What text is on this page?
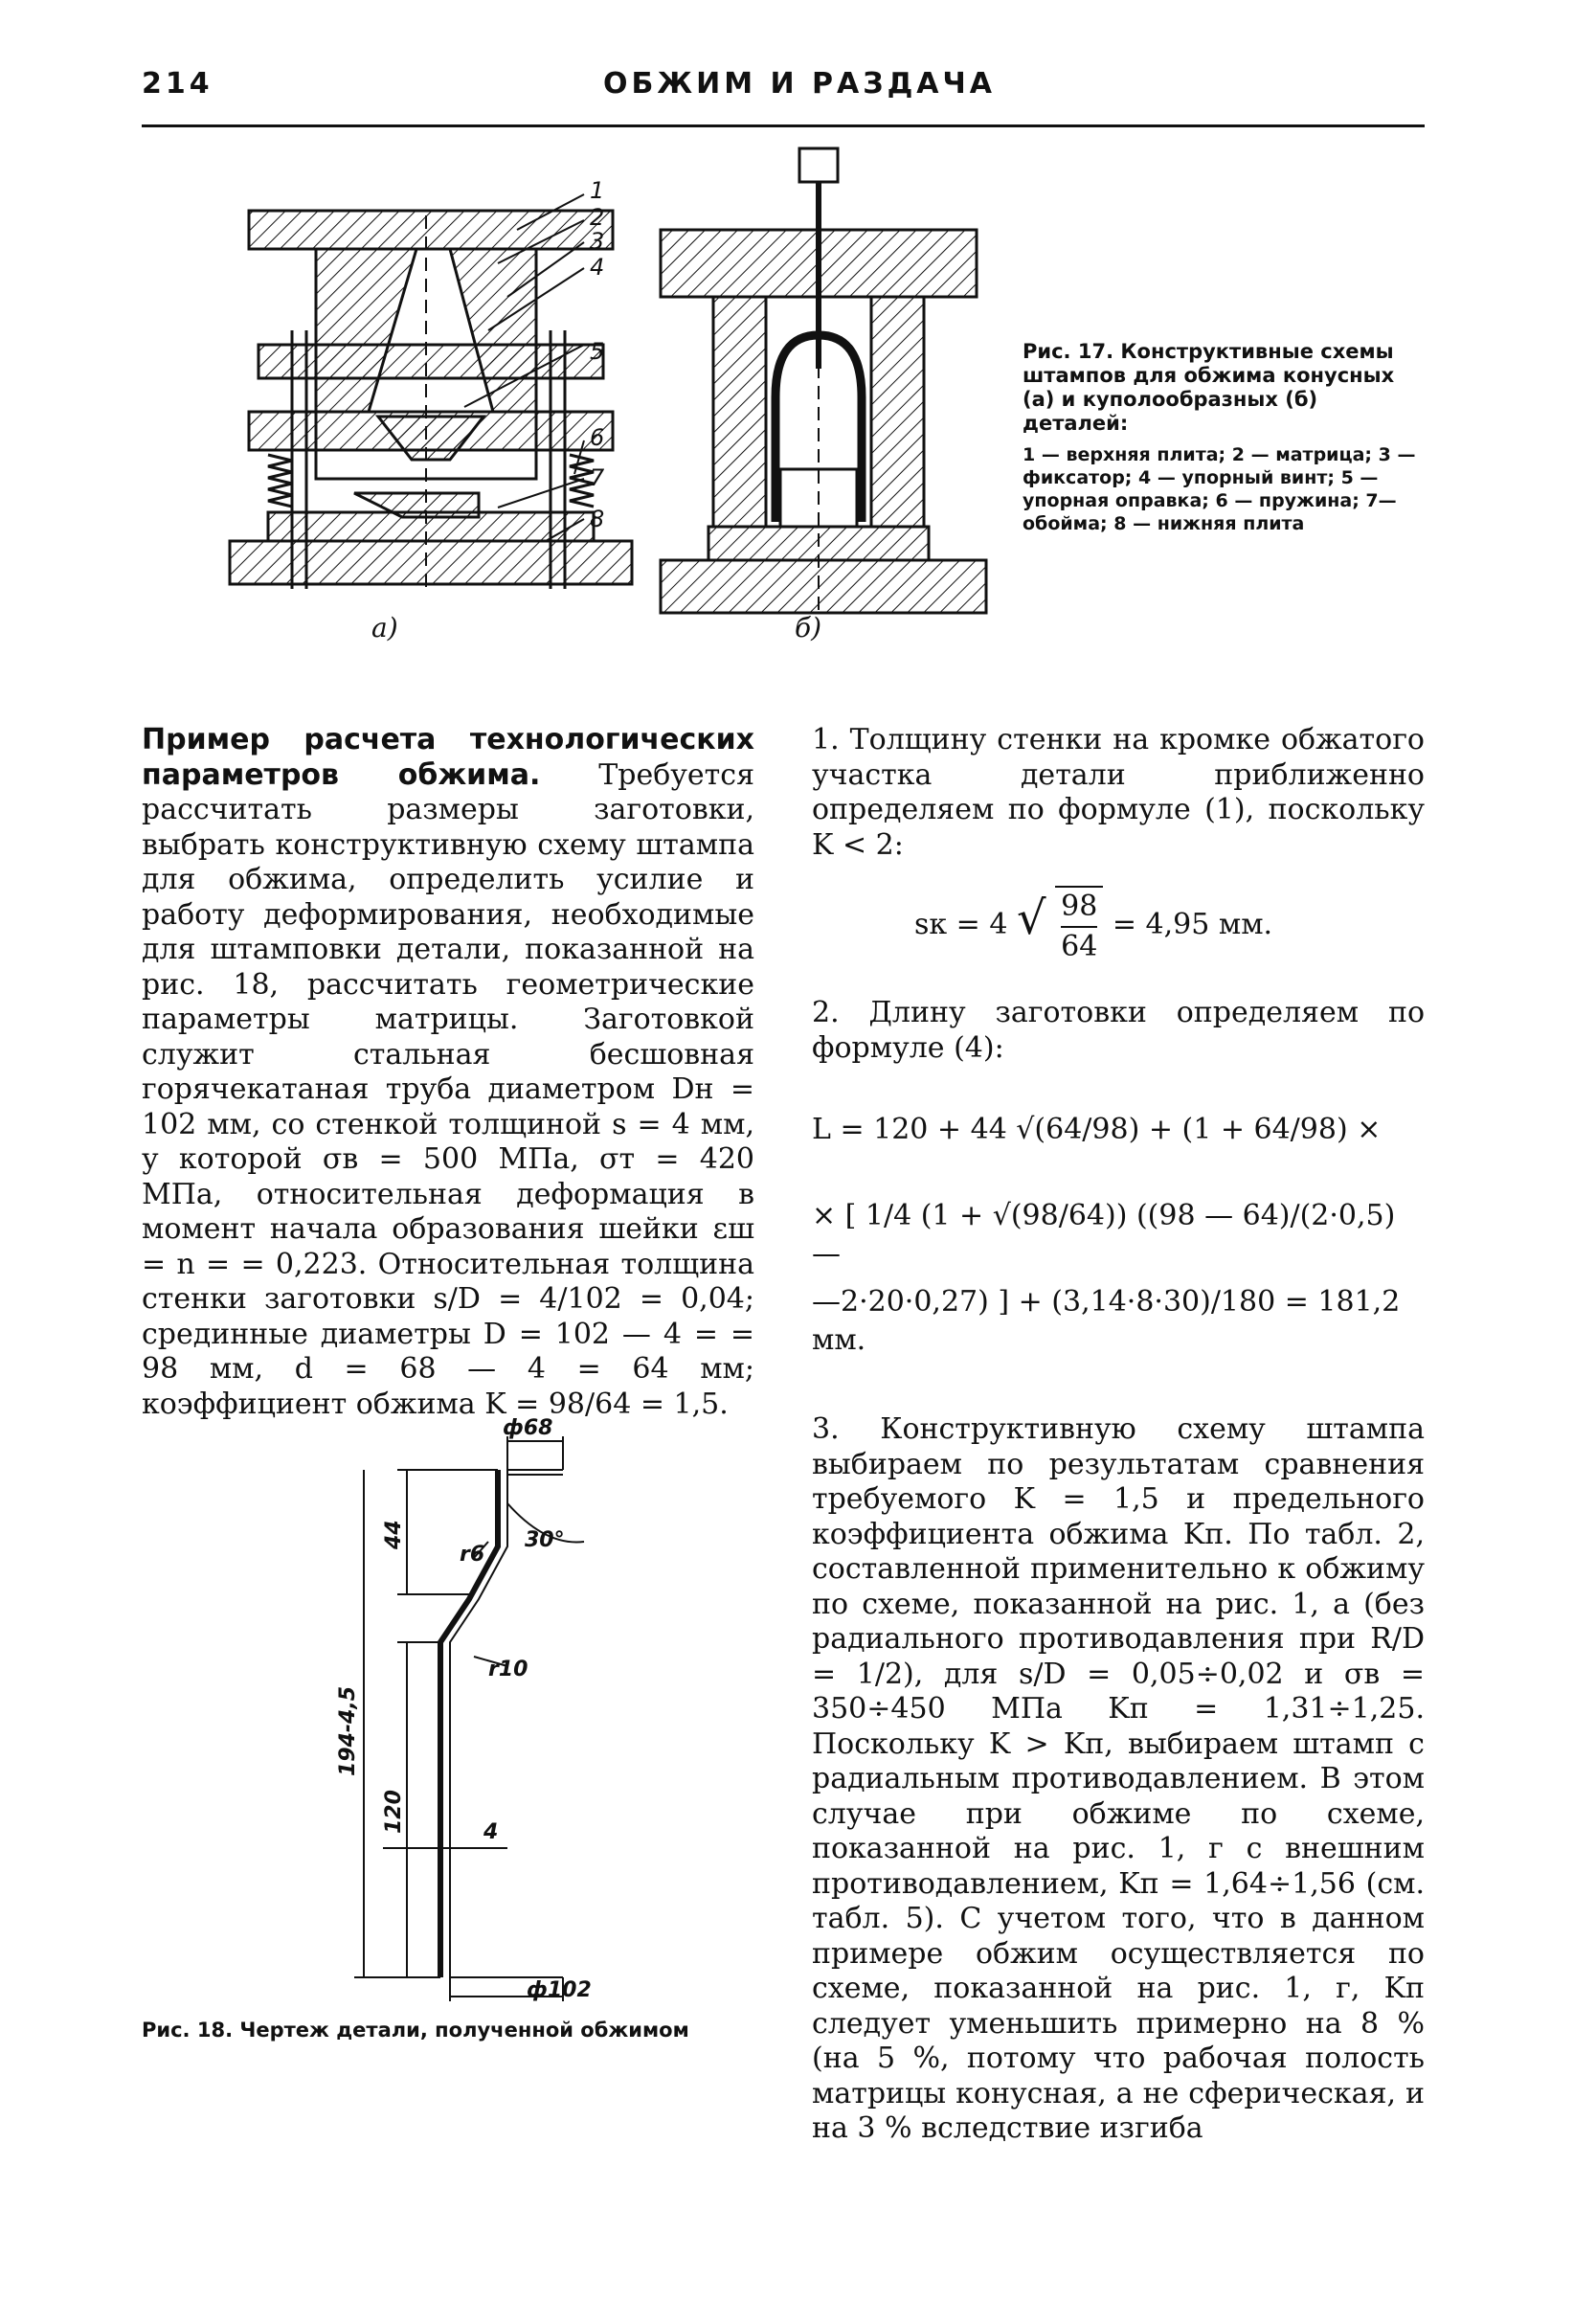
214	ОБЖИМ И РАЗДАЧА
1
2
3
4
5
6
7
8
а)	б)
Рис. 17. Конструктивные схемы штампов для обжима конусных (а) и куполообразных (б) деталей:
1 — верхняя плита; 2 — матрица; 3 — фиксатор; 4 — упорный винт; 5 — упорная оправка; 6 — пружина; 7— обойма; 8 — нижняя плита

Пример расчета технологических параметров обжима. Требуется рассчитать размеры заготовки, выбрать конструктивную схему штампа для обжима, определить усилие и работу деформирования, необходимые для штамповки детали, показанной на рис. 18, рассчитать геометрические параметры матрицы. Заготовкой служит стальная бесшовная горячекатаная труба диаметром Dн = 102 мм, со стенкой толщиной s = 4 мм, у которой σв = 500 МПа, σт = 420 МПа, относительная деформация в момент начала образования шейки εш = n = = 0,223. Относительная толщина стенки заготовки s/D = 4/102 = 0,04; срединные диаметры D = 102 — 4 = = 98 мм, d = 68 — 4 = 64 мм; коэффициент обжима K = 98/64 = 1,5.

ф68
ф102
r6
r10
30°
4
44
120
194-4,5
Рис. 18. Чертеж детали, полученной обжимом
1. Толщину стенки на кромке обжатого участка детали приближенно определяем по формуле (1), поскольку K < 2:
sк = 4 √ $\frac{98}{64} = 4,95$ мм.
2. Длину заготовки определяем по формуле (4):
L = 120 + 44 √(64/98) + (1 + 64/98) ×
× [ 1/4 (1 + √(98/64)) ((98 — 64)/(2·0,5) —
—2·20·0,27) ] + (3,14·8·30)/180 = 181,2 мм.
3. Конструктивную схему штампа выбираем по результатам сравнения требуемого K = 1,5 и предельного коэффициента обжима Kп. По табл. 2, составленной применительно к обжиму по схеме, показанной на рис. 1, а (без радиального противодавления при R/D = 1/2), для s/D = 0,05÷0,02 и σв = 350÷450 МПа Kп = 1,31÷1,25. Поскольку K > Kп, выбираем штамп с радиальным противодавлением. В этом случае при обжиме по схеме, показанной на рис. 1, г с внешним противодавлением, Kп = 1,64÷1,56 (см. табл. 5). С учетом того, что в данном примере обжим осуществляется по схеме, показанной на рис. 1, г, Kп следует уменьшить примерно на 8 % (на 5 %, потому что рабочая полость матрицы конусная, а не сферическая, и на 3 % вследствие изгиба
